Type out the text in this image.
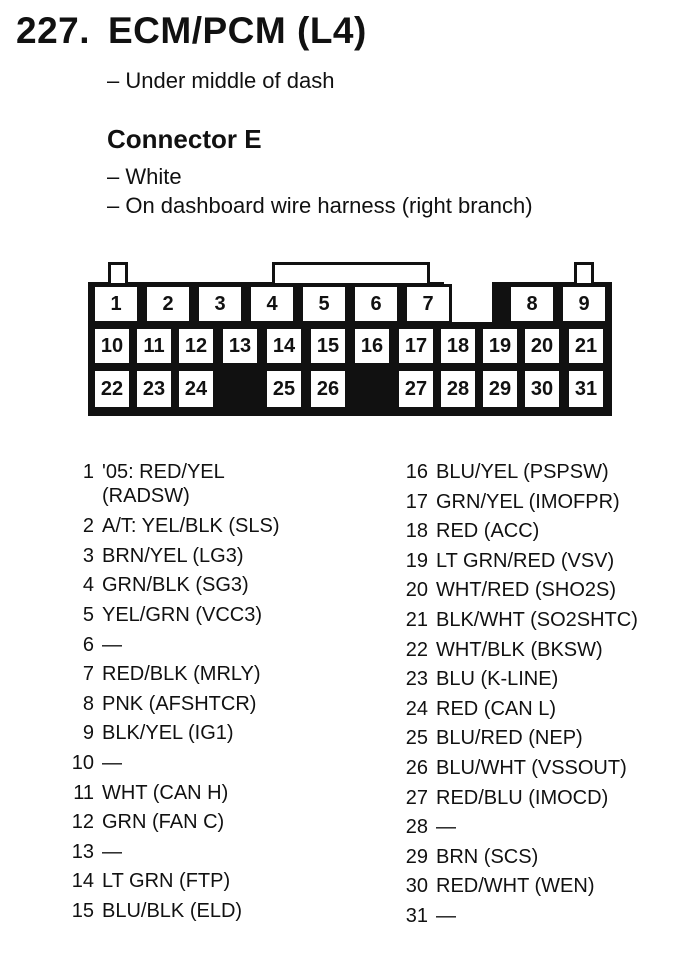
227. ECM/PCM (L4)
– Under middle of dash
Connector E
– White
– On dashboard wire harness (right branch)
1	2	3	4	5	6	7	8	9
10	11	12	13	14	15	16	17 18 19 20	21
22 23 24	25	26	27 28 29 30	31
1 '05: RED/YEL
(RADSW)
2 A/T: YEL/BLK (SLS)
3 BRN/YEL (LG3)
4 GRN/BLK (SG3)
5 YEL/GRN (VCC3)
6 —
7 RED/BLK (MRLY)
8 PNK (AFSHTCR)
9 BLK/YEL (IG1)
10 —
11 WHT (CAN H)
12 GRN (FAN C)
13 —
14 LT GRN (FTP)
15 BLU/BLK (ELD)
16 BLU/YEL (PSPSW)
17 GRN/YEL (IMOFPR)
18 RED (ACC)
19 LT GRN/RED (VSV)
20 WHT/RED (SHO2S)
21 BLK/WHT (SO2SHTC)
22 WHT/BLK (BKSW)
23 BLU (K-LINE)
24 RED (CAN L)
25 BLU/RED (NEP)
26 BLU/WHT (VSSOUT)
27 RED/BLU (IMOCD)
28 —
29 BRN (SCS)
30 RED/WHT (WEN)
31 —
